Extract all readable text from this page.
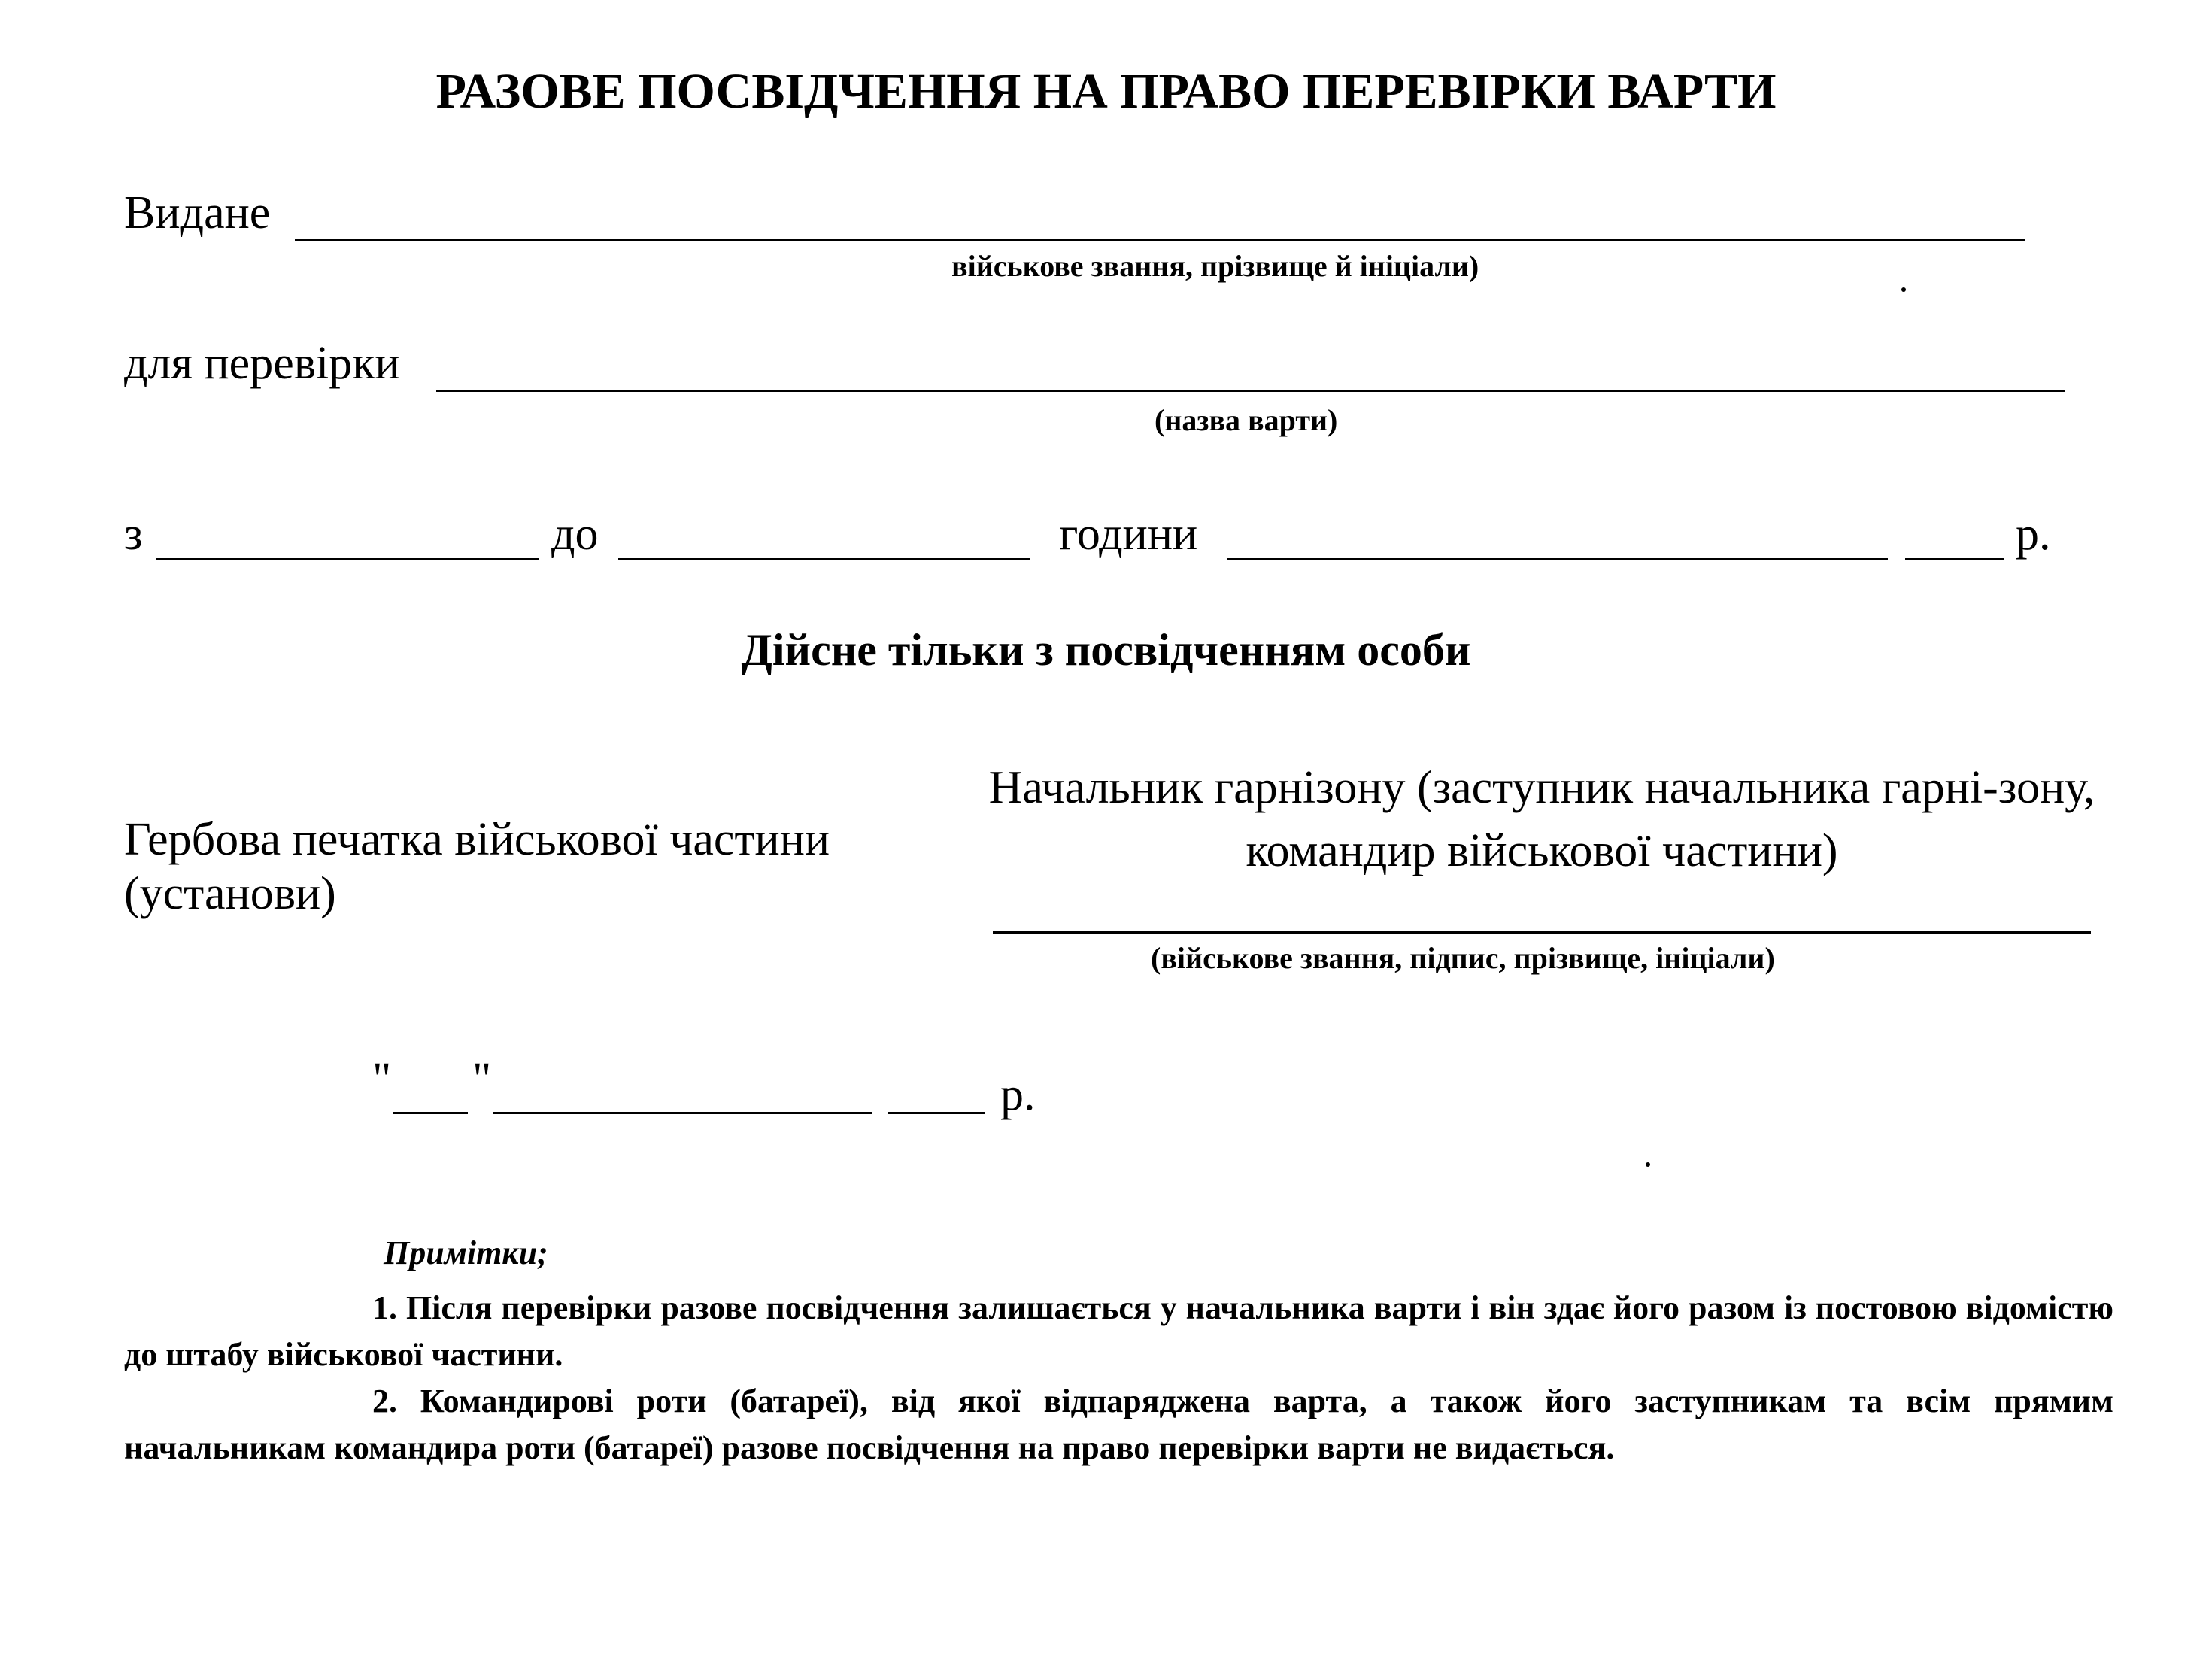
РАЗОВЕ ПОСВІДЧЕННЯ НА ПРАВО ПЕРЕВІРКИ ВАРТИ
Видане
військове звання, прізвище й ініціали)
для перевірки
(назва варти)
з	до	години	р.
Дійсне тільки з посвідченням особи
Гербова печатка військової частини (установи)
Начальник гарнізону (заступник начальника гарні-зону, командир військової частини)
(військове звання, підпис, прізвище, ініціали)
" "	р.
Примітки;
1. Після перевірки разове посвідчення залишається у начальника варти і він здає його разом із постовою відомістю до штабу військової частини.
2. Командирові роти (батареї), від якої відпаряджена варта, а також його заступникам та всім прямим начальникам командира роти (батареї) разове посвідчення на право перевірки варти не видається.
